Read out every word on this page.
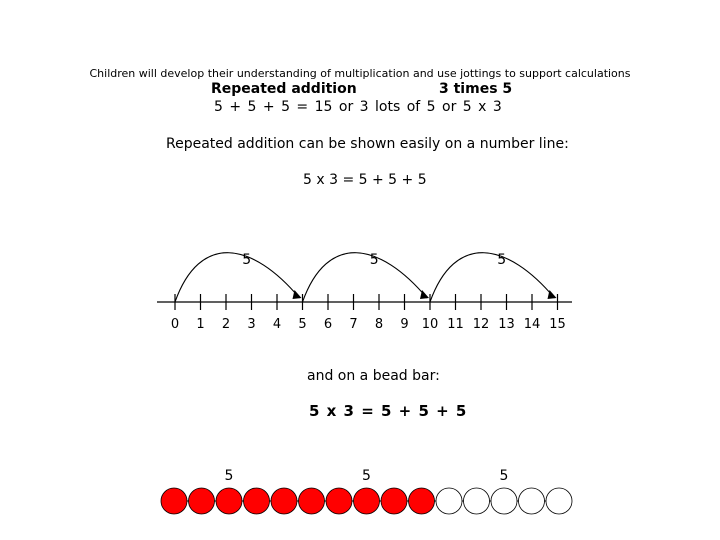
Children will develop their understanding of multiplication and use jottings to support calculations
Repeated addition	3 times 5
5 + 5 + 5 = 15 or 3 lots of 5 or 5 x 3
Repeated addition can be shown easily on a number line:
5 x 3 = 5 + 5 + 5
0 1 2 3 4 5 6 7 8 9 10 11 12 13 14 15
5	5	5
and on a bead bar:
5 x 3 = 5 + 5 + 5
5	5	5
